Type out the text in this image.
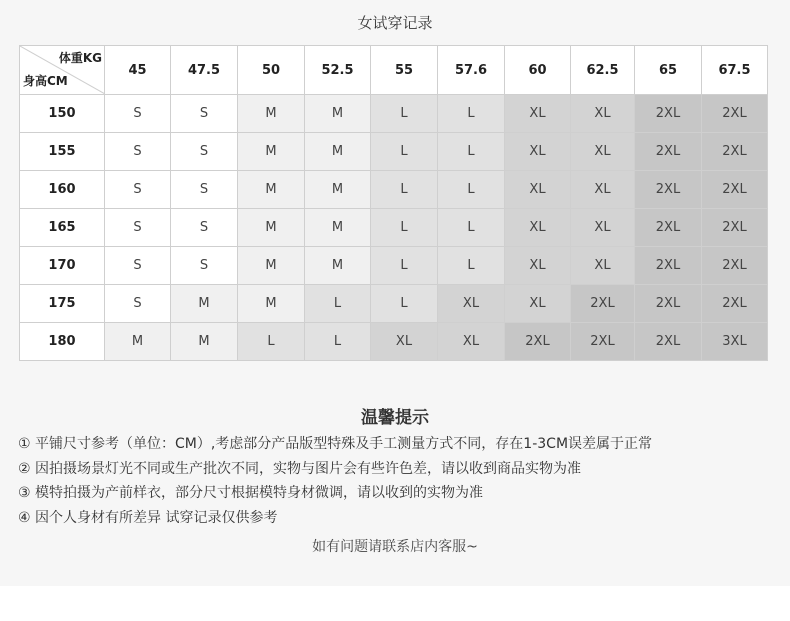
女试穿记录
体重KG
身高CM	45	47.5	50	52.5	55	57.6	60	62.5	65	67.5
150	S	S	M	M	L	L	XL	XL	2XL	2XL
155	S	S	M	M	L	L	XL	XL	2XL	2XL
160	S	S	M	M	L	L	XL	XL	2XL	2XL
165	S	S	M	M	L	L	XL	XL	2XL	2XL
170	S	S	M	M	L	L	XL	XL	2XL	2XL
175	S	M	M	L	L	XL	XL	2XL	2XL	2XL
180	M	M	L	L	XL	XL	2XL	2XL	2XL	3XL
温馨提示
① 平铺尺寸参考（单位：CM）,考虑部分产品版型特殊及手工测量方式不同，存在1-3CM误差属于正常
② 因拍摄场景灯光不同或生产批次不同，实物与图片会有些许色差，请以收到商品实物为准
③ 模特拍摄为产前样衣，部分尺寸根据模特身材微调，请以收到的实物为准
④ 因个人身材有所差异 试穿记录仅供参考
如有问题请联系店内客服~
